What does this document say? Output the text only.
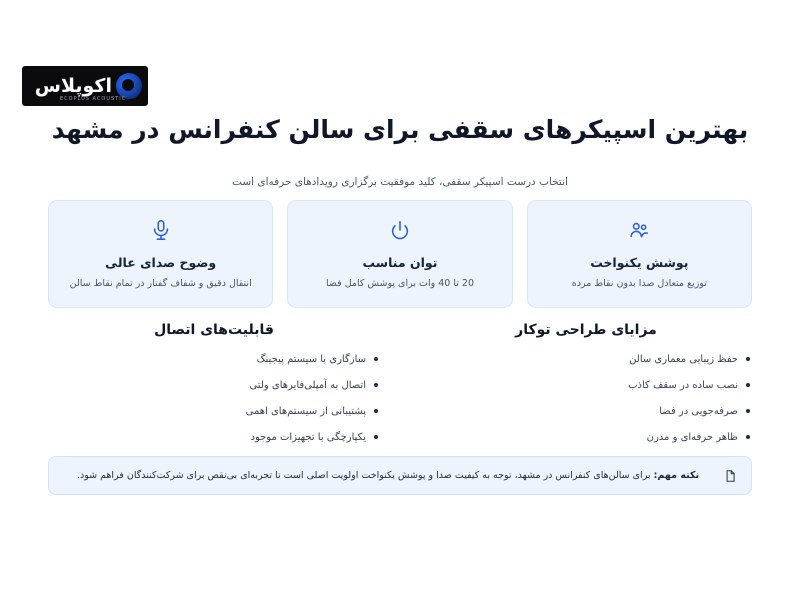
اکوپلاس
ECOPLUS ACOUSTIC
بهترین اسپیکرهای سقفی برای سالن کنفرانس در مشهد
انتخاب درست اسپیکر سقفی، کلید موفقیت برگزاری رویدادهای حرفه‌ای است
وضوح صدای عالی
انتقال دقیق و شفاف گفتار در تمام نقاط سالن
توان مناسب
20 تا 40 وات برای پوشش کامل فضا
پوشش یکنواخت
توزیع متعادل صدا بدون نقاط مرده
قابلیت‌های اتصال
سازگاری با سیستم پیجینگ
اتصال به آمپلی‌فایرهای ولتی
پشتیبانی از سیستم‌های اهمی
یکپارچگی با تجهیزات موجود
مزایای طراحی توکار
حفظ زیبایی معماری سالن
نصب ساده در سقف کاذب
صرفه‌جویی در فضا
ظاهر حرفه‌ای و مدرن
نکته مهم: برای سالن‌های کنفرانس در مشهد، توجه به کیفیت صدا و پوشش یکنواخت اولویت اصلی است تا تجربه‌ای بی‌نقص برای شرکت‌کنندگان فراهم شود.
